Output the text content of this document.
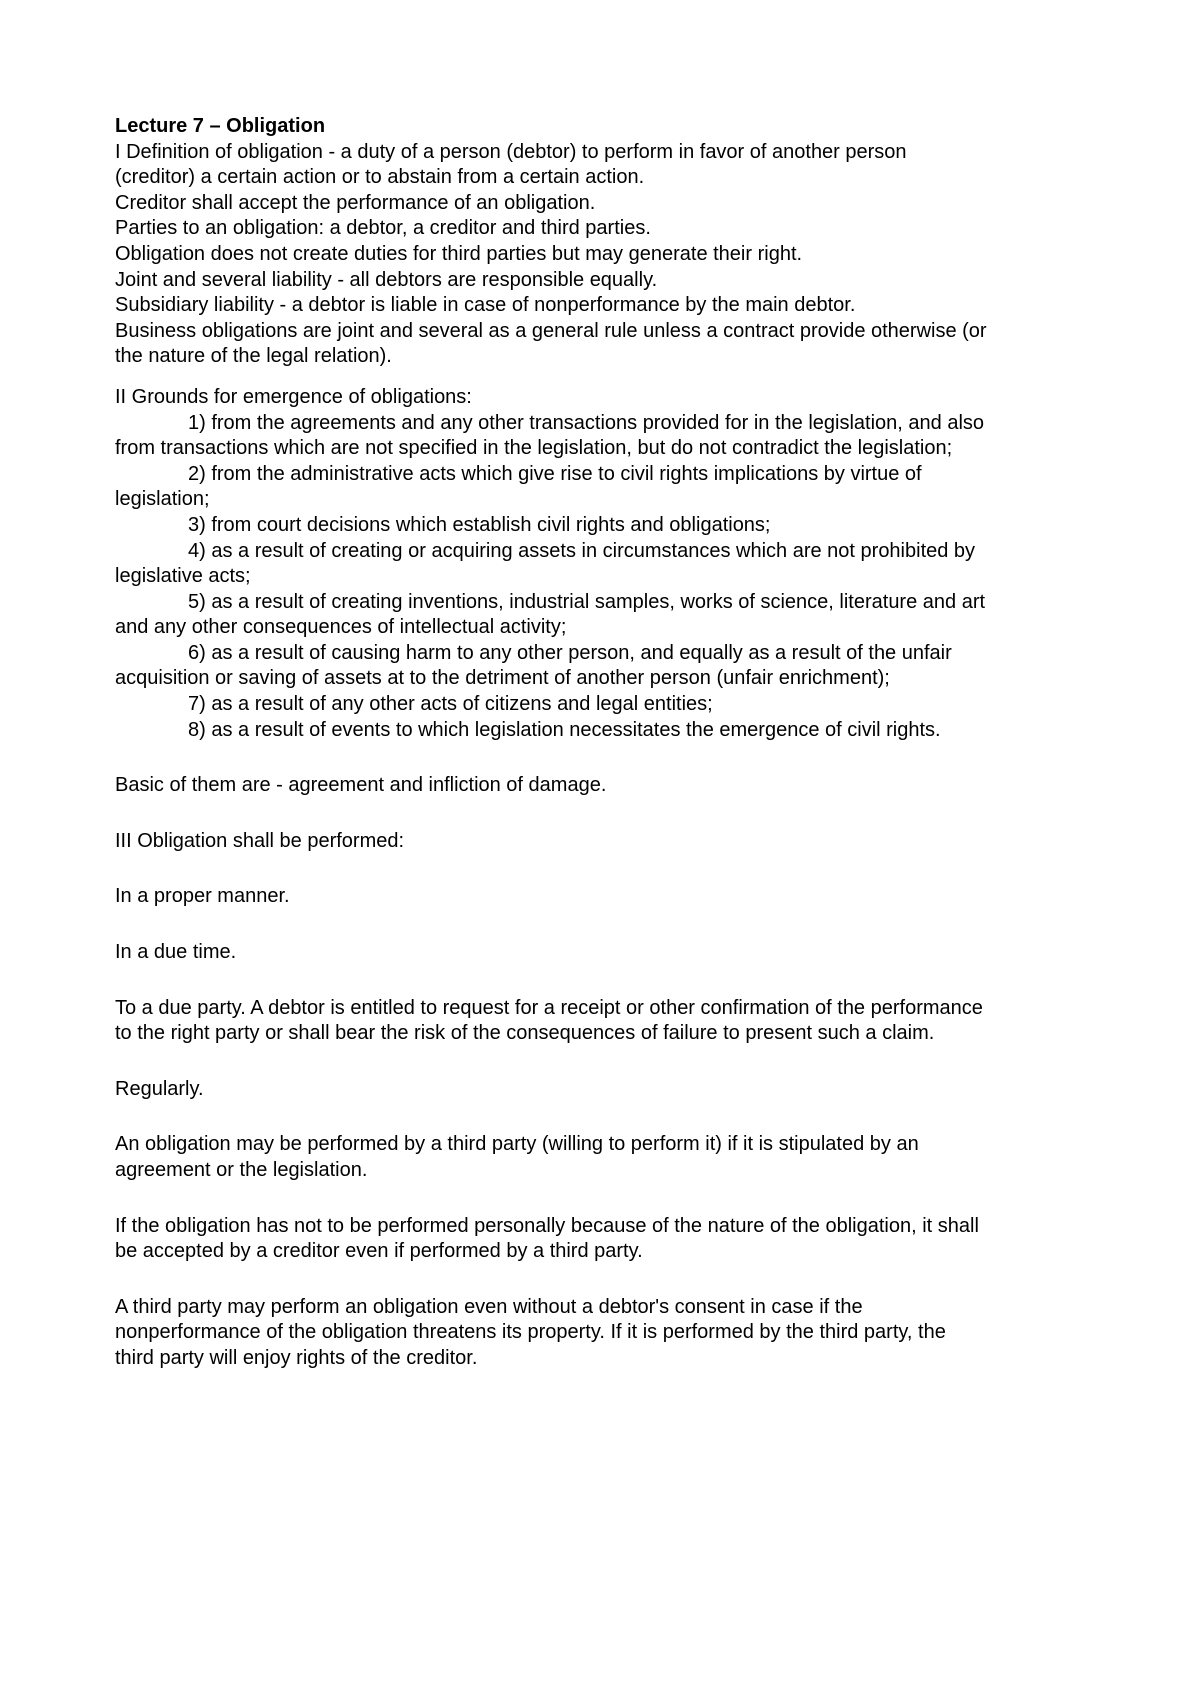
Lecture 7 – Obligation

I Definition of obligation - a duty of a person (debtor) to perform in favor of another person

(creditor) a certain action or to abstain from a certain action.

Creditor shall accept the performance of an obligation.

Parties to an obligation: a debtor, a creditor and third parties.

Obligation does not create duties for third parties but may generate their right.

Joint and several liability - all debtors are responsible equally.

Subsidiary liability - a debtor is liable in case of nonperformance by the main debtor.

Business obligations are joint and several as a general rule unless a contract provide otherwise (or

the nature of the legal relation).

II Grounds for emergence of obligations:

1) from the agreements and any other transactions provided for in the legislation, and also

from transactions which are not specified in the legislation, but do not contradict the legislation;

2) from the administrative acts which give rise to civil rights implications by virtue of

legislation;

3) from court decisions which establish civil rights and obligations;

4) as a result of creating or acquiring assets in circumstances which are not prohibited by

legislative acts;

5) as a result of creating inventions, industrial samples, works of science, literature and art

and any other consequences of intellectual activity;

6) as a result of causing harm to any other person, and equally as a result of the unfair

acquisition or saving of assets at to the detriment of another person (unfair enrichment);

7) as a result of any other acts of citizens and legal entities;

8) as a result of events to which legislation necessitates the emergence of civil rights.

Basic of them are - agreement and infliction of damage.

III Obligation shall be performed:

In a proper manner.

In a due time.

To a due party. A debtor is entitled to request for a receipt or other confirmation of the performance

to the right party or shall bear the risk of the consequences of failure to present such a claim.

Regularly.

An obligation may be performed by a third party (willing to perform it) if it is stipulated by an

agreement or the legislation.

If the obligation has not to be performed personally because of the nature of the obligation, it shall

be accepted by a creditor even if performed by a third party.

A third party may perform an obligation even without a debtor's consent in case if the

nonperformance of the obligation threatens its property. If it is performed by the third party, the

third party will enjoy rights of the creditor.
